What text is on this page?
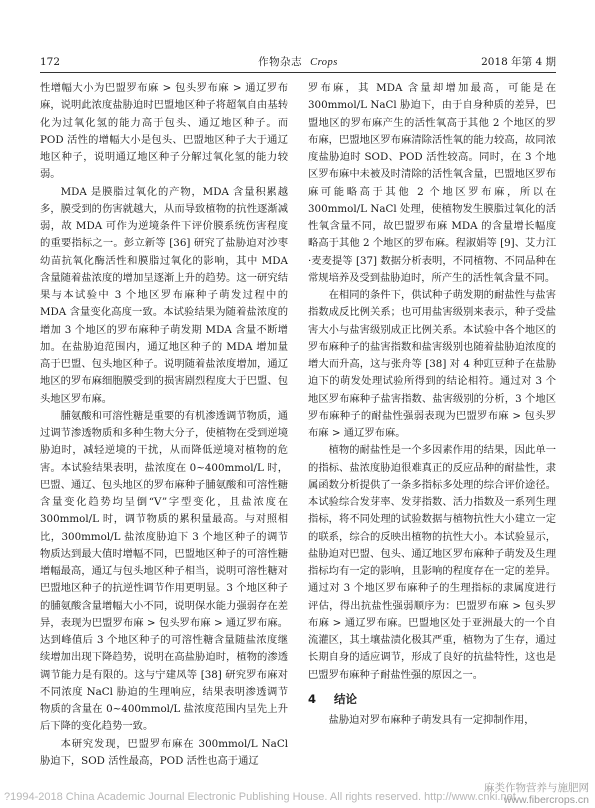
172	作物杂志 Crops	2018 年第 4 期

性增幅大小为巴盟罗布麻 > 包头罗布麻 > 通辽罗布麻，说明此浓度盐胁迫时巴盟地区种子将超氧自由基转化为过氧化氢的能力高于包头、通辽地区种子。而 POD 活性的增幅大小是包头、巴盟地区种子大于通辽地区种子，说明通辽地区种子分解过氧化氢的能力较弱。

MDA 是膜脂过氧化的产物，MDA 含量积累越多，膜受到的伤害就越大，从而导致植物的抗性逐渐减弱，故 MDA 可作为逆境条件下评价膜系统伤害程度的重要指标之一。彭立新等 [36] 研究了盐胁迫对沙枣幼苗抗氧化酶活性和膜脂过氧化的影响，其中 MDA 含量随着盐浓度的增加呈逐渐上升的趋势。这一研究结果与本试验中 3 个地区罗布麻种子萌发过程中的 MDA 含量变化高度一致。本试验结果为随着盐浓度的增加 3 个地区的罗布麻种子萌发期 MDA 含量不断增加。在盐胁迫范围内，通辽地区种子的 MDA 增加量高于巴盟、包头地区种子。说明随着盐浓度增加，通辽地区的罗布麻细胞膜受到的损害剧烈程度大于巴盟、包头地区罗布麻。

脯氨酸和可溶性糖是重要的有机渗透调节物质，通过调节渗透物质和多种生物大分子，使植物在受到逆境胁迫时，减轻逆境的干扰，从而降低逆境对植物的危害。本试验结果表明，盐浓度在 0~400mmol/L 时，巴盟、通辽、包头地区的罗布麻种子脯氨酸和可溶性糖含量变化趋势均呈倒“V”字型变化，且盐浓度在 300mmol/L 时，调节物质的累积量最高。与对照相比，300mmol/L 盐浓度胁迫下 3 个地区种子的调节物质达到最大值时增幅不同，巴盟地区种子的可溶性糖增幅最高，通辽与包头地区种子相当，说明可溶性糖对巴盟地区种子的抗逆性调节作用更明显。3 个地区种子的脯氨酸含量增幅大小不同，说明保水能力强弱存在差异，表现为巴盟罗布麻 > 包头罗布麻 > 通辽罗布麻。达到峰值后 3 个地区种子的可溶性糖含量随盐浓度继续增加出现下降趋势，说明在高盐胁迫时，植物的渗透调节能力是有限的。这与宁建凤等 [38] 研究罗布麻对不同浓度 NaCl 胁迫的生理响应，结果表明渗透调节物质的含量在 0~400mmol/L 盐浓度范围内呈先上升后下降的变化趋势一致。

本研究发现，巴盟罗布麻在 300mmol/L NaCl 胁迫下，SOD 活性最高，POD 活性也高于通辽

罗布麻，其 MDA 含量却增加最高，可能是在 300mmol/L NaCl 胁迫下，由于自身种质的差异，巴盟地区的罗布麻产生的活性氧高于其他 2 个地区的罗布麻，巴盟地区罗布麻清除活性氧的能力较高，故同浓度盐胁迫时 SOD、POD 活性较高。同时，在 3 个地区罗布麻中未被及时清除的活性氧含量，巴盟地区罗布麻可能略高于其他 2 个地区罗布麻，所以在 300mmol/L NaCl 处理，使植物发生膜脂过氧化的活性氧含量不同，故巴盟罗布麻 MDA 的含量增长幅度略高于其他 2 个地区的罗布麻。程淑娟等 [9]、艾力江·麦麦提等 [37] 数据分析表明，不同植物、不同品种在常规培养及受到盐胁迫时，所产生的活性氧含量不同。

在相同的条件下，供试种子萌发期的耐盐性与盐害指数成反比例关系；也可用盐害级别来表示，种子受盐害大小与盐害级别成正比例关系。本试验中各个地区的罗布麻种子的盐害指数和盐害级别也随着盐胁迫浓度的增大而升高，这与张舟等 [38] 对 4 种豇豆种子在盐胁迫下的萌发处理试验所得到的结论相符。通过对 3 个地区罗布麻种子盐害指数、盐害级别的分析，3 个地区罗布麻种子的耐盐性强弱表现为巴盟罗布麻 > 包头罗布麻 > 通辽罗布麻。

植物的耐盐性是一个多因素作用的结果，因此单一的指标、盐浓度胁迫很难真正的反应品种的耐盐性，隶属函数分析提供了一条多指标多处理的综合评价途径。本试验综合发芽率、发芽指数、活力指数及一系列生理指标，将不同处理的试验数据与植物抗性大小建立一定的联系，综合的反映出植物的抗性大小。本试验显示，盐胁迫对巴盟、包头、通辽地区罗布麻种子萌发及生理指标均有一定的影响，且影响的程度存在一定的差异。通过对 3 个地区罗布麻种子的生理指标的隶属度进行评估，得出抗盐性强弱顺序为：巴盟罗布麻 > 包头罗布麻 > 通辽罗布麻。巴盟地区处于亚洲最大的一个自流灌区，其土壤盐渍化极其严重，植物为了生存，通过长期自身的适应调节，形成了良好的抗盐特性，这也是巴盟罗布麻种子耐盐性强的原因之一。

4 结论

盐胁迫对罗布麻种子萌发具有一定抑制作用，

?1994-2018 China Academic Journal Electronic Publishing House. All rights reserved. http://www.cnki.net
麻类作物营养与施肥网
www.fibercrops.cn
